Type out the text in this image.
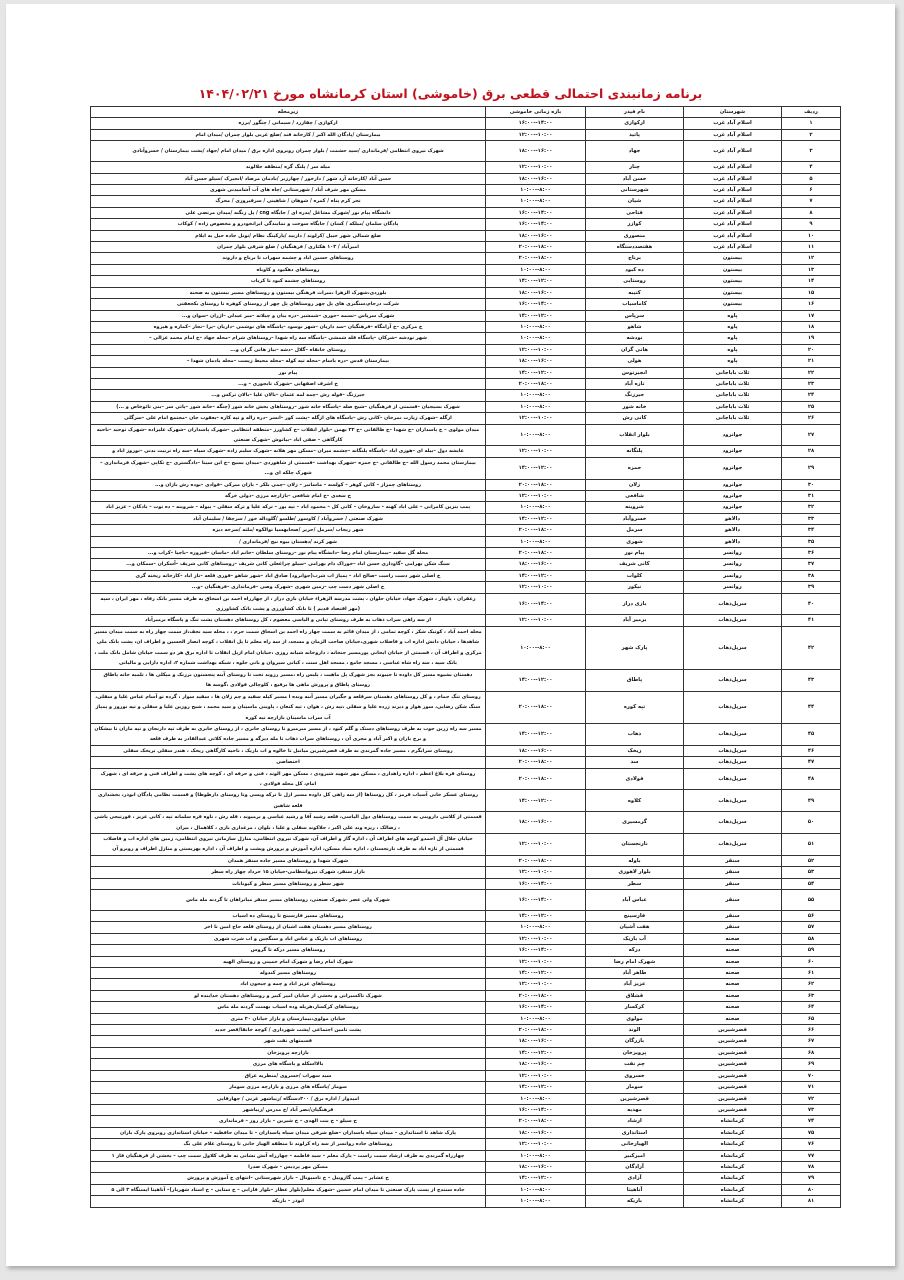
برنامه زمانبندی احتمالی قطعی برق (خاموشی) استان کرمانشاه مورخ ۱۴۰۴/۰۲/۲۱
ردیف	شهرستان	نام فیدر	بازه زمانی خاموشی	زیرمحله
۱	اسلام آباد غرب	ارکوازی	۱۴:۰۰--۱۶:۰۰	ارکوازی / چقازرد / سیمانی / چنگور /برزه
۲	اسلام آباد غرب	پاتید	۱۰:۰۰--۱۲:۰۰	بیمارستان /پادگان الله اکبر / کارخانه قند /ضلع غربی بلوار چمران /میدان امام
۳	اسلام آباد غرب	جهاد	۱۶:۰۰--۱۸:۰۰	شهرک نیروی انتظامی /فرمانداری /سید حشمت / بلوار چمران روبروی اداره برق / میدان امام /جهاد /پشت بیمارستان / خسروآبادی
۴	اسلام آباد غرب	چنار	۱۰:۰۰--۱۲:۰۰	میله سر / پلنگ گره /منطقه جلالوند
۵	اسلام آباد غرب	حسن آباد	۱۶:۰۰--۱۸:۰۰	حسن آباد /کارخانه آرد شهر / دارخور / چهارزبر /بادمان مرصاد /انجیرک /سیلو حسن آباد
۶	اسلام آباد غرب	شهرستانی	۸:۰۰--۱۰:۰۰	مسکن مهر شرف آباد / شهرستانی /چاه های آب آشامیدنی شهری
۷	اسلام آباد غرب	شیان	۸:۰۰--۱۰:۰۰	تخر کرم پناه / کمره / شوهان / شاهینی / سرفیروزی / مخرگ
۸	اسلام آباد غرب	فتاحی	۱۴:۰۰--۱۶:۰۰	دانشگاه پیام نور /شهرک مشاغل /بدره ای / جایگاه cng / پل زنگنه /میدان مرتضی علی
۹	اسلام آباد غرب	کوازر	۱۴:۰۰--۱۶:۰۰	پادگان سلمان /میلکه / کسان / جایگاه سوخت و نمایندگی ایرانخودرو و مخصوص زاده / کوکاب
۱۰	اسلام آباد غرب	منصوری	۱۶:۰۰--۱۸:۰۰	ضلع شمالی شهر حبیل /کرلوند / داربید /پارکینگ نظام /تونل جاده حبل به ایلام
۱۱	اسلام آباد غرب	هفتصددستگاه	۱۸:۰۰--۲۰:۰۰	امیرآباد / ۱۰۳ هکتاری / فرهنگیان / ضلع شرقی بلوار چمران
۱۲	بیستون	برناج	۱۸:۰۰--۲۰:۰۰	روستاهای حسین اباد و چشمه سهراب تا برناج و داروند
۱۳	بیستون	ده کبود	۸:۰۰--۱۰:۰۰	روستاهای دهکبود و کاوباه
۱۴	بیستون	روستایی	۱۲:۰۰--۱۴:۰۰	روستاهای چشمه کبود تا کرباب
۱۵	بیستون	کتیبه	۱۶:۰۰--۱۸:۰۰	بلوردی،شهرک الزهرا ،میراث فرهنگی بیستون و روستاهای مسیر بیستون به صحنه
۱۶	بیستون	کاماسیاب	۱۴:۰۰--۱۶:۰۰	شرکت درجام،سنگبری های پل چهر روستاهای پل چهر از روستای کوهره تا روستای بکجعفتی
۱۷	پاوه	سرپاس	۱۲:۰۰--۱۴:۰۰	شهرک سرپاس –نسمه –جوری –شمشیر –دره بیان و چیلانه –میر عبدلی –اژران –سوان و...
۱۸	پاوه	شاهو	۸:۰۰--۱۰:۰۰	خ مرکزی –خ آرامگاه –فرهنگیان –سد داریان –شهر نوسود –پاسگاه های نوشمی –داریان –یرا –نجار –کماره و هیروه
۱۹	پاوه	نودشه	۸:۰۰--۱۰:۰۰	شهر نودشه –شرکان –پاسگاه قله شمشی –پاسگاه سه راه شهدا –روستاهای شرام –محله جهاد –خ امام محمد غزالی –
۲۰	پاوه	هانی گران	۱۰:۰۰--۱۲:۰۰	روستای خانقاه –گلال –دشه –بیاز هانی گران و...
۲۱	پاوه	هولی	۱۶:۰۰--۱۸:۰۰	بیمارستان قدس –دره باسام –محله تپه کوله –محله محیط زیست –محله یادمان شهدا –
۲۲	ثلاث باباجانی	انجیرتوس	۱۲:۰۰--۱۴:۰۰	پیام نور
۲۳	ثلاث باباجانی	تازه آباد	۱۸:۰۰--۲۰:۰۰	خ اشرف اصفهانی –شهرک تابجوری – و...
۲۴	ثلاث باباجانی	جیرزنگ	۸:۰۰--۱۰:۰۰	جیرزنگ –قوله رش –چمه لمه عثمان –بالان علیا –بالان ترکس و...
۲۵	ثلاث باباجانی	خانه شور	۸:۰۰--۱۰:۰۰	شهرک بسیجیان –قسمتی از فرهنگیان –شیخ صله –پاسگاه خانه شور –روستاهای بخش خانه شور (چنگه –خانه شور –پاتی سر –بنی نائوخاص و ...)
۲۶	ثلاث باباجانی	کانی رش	۱۰:۰۰--۱۲:۰۰	ازگله –شهرک زیارت نمرخان –کانی رش –پاسگاه های ازگله –پشت کور –انسر –دره زاله و تپه کاره –یعقوب جان –مجتمع امام علی –سرگلی
۲۷	جوانرود	بلوار انقلاب	۸:۰۰--۱۰:۰۰	میدان مولوی – خ پاسداران –خ شهدا –خ طالقانی –خ ۲۲ بهمن –بلوار انقلاب –خ کشاورز –منطقه انتظامی –شهرک پاسداران –شهرک علیزاده –شهرک توحید –ناحیه کارگاهی – صفی اباد –بیاتوش –شهرک صنعتی
۲۸	جوانرود	پلنگانه	۱۰:۰۰--۱۲:۰۰	عایشه دول –بیله ای –هوری اباد –پاسگاه پلنگانه –چشمه میران –مسکن مهر هلانه –شهرک سلیم زاده –شهرک سپاه –سه راه تربیت بدنی –نوروز اباد و
۲۹	جوانرود	حمزه	۱۲:۰۰--۱۴:۰۰	بیمارستان محمد رسول الله –خ طالقانی –خ حمزه –شهرک بهداشت –قسمتی از شاهوردی –میدان بسیج –خ ابن سینا –دادگستری –خ تکاپی –شهرک فرمانداری –شهرک چلکه ای و...
۳۰	جوانرود	زلان	۱۸:۰۰--۲۰:۰۰	روستاهای چمزاز – کانی کوهر – کولسه – ماسانیر – زلان –چمی بلکر – بازان میرکی –قوادی –بوده رش بازان و...
۳۱	جوانرود	شافعی	۱۰:۰۰--۱۲:۰۰	خ سعدی –خ امام شافعی –بازارچه مرزی –دولی خرگه
۳۲	جوانرود	شروینه	۸:۰۰--۱۰:۰۰	پمپ بنزین کامرانی – علی اباد کهنه – ساروخان – کانی کل – محمود اباد – تپه یور – ترکه علیا و ترکه سفلی – بیوله – شروینه – ده توت – بادکان – عزیز اباد
۳۳	دالاهو	خسروآباد	۱۲:۰۰--۱۴:۰۰	شهرک صنعتی / خسروآباد / کاوسور /طلسو /گلوداله خور / سرچقا / سلیمان آباد
۳۴	دالاهو	سرمل	۱۸:۰۰--۲۰:۰۰	شهر ریجاب /سرمل /حریر /صحابهسیا توالکوه /ملته /سرخه دیزه
۳۵	دالاهو	شهری	۸:۰۰--۱۰:۰۰	شهر کرند /دهستان بیوه نیج /فرمانداری /
۳۶	روانسر	پیام نور	۱۸:۰۰--۲۰:۰۰	محله گل سفید –بیمارستان امام رضا –دانشگاه پیام نور –روستای سلطان –خانم اباد –ماسان –فیروزه –باجیا –کراب و...
۳۷	روانسر	کانی شریف	۱۶:۰۰--۱۸:۰۰	سنگ شکن بهرامی –گاوداری حسن اباد –خوراک دام بهرامی –سیلو چراغعلی کانی شریف –روستاهای کانی شریف –آسکران –سمکان و...
۳۸	روانسر	کلوات	۱۲:۰۰--۱۴:۰۰	خ اصلی شهر دست راست –صالح اباد – پمپاژ اب شرب(جوانرود) صادق اباد –شهر شاهو –قوری قلعه –ناز اباد –کارخانه ریخته گری
۳۹	روانسر	نیکور	۱۰:۰۰--۱۲:۰۰	خ اصلی شهر دست چپ –زمین شهری –شهرک وصی –فرمانداری –فرهنگیان –و...
۴۰	سرپل‌ذهاب	بازی دراز	۱۴:۰۰--۱۶:۰۰	زعفران ، پاوبار ، شهرک جهاد، خیابان حلوان ، پشت مدرسه الزهراء خیابان بازی دراز ، از چهارراه احمد بن اسحاق به طرف مسیر بانک رفاه ، مهر ایران ، سپه (مهر اقتصاد قدیم ) تا بانک کشاورزی و پشت بانک کشاورزی
۴۱	سرپل‌ذهاب	برمیر آباد	۱۰:۰۰--۱۲:۰۰	از سه راهی سراب ذهاب به طرف روستای تپانی و الیاسی معصوم ، کل روستاهای دهستان پشت تنگ و پاسگاه برمیرآباد
۴۲	سرپل‌ذهاب	پارک شهر	۸:۰۰--۱۰:۰۰	محله احمد آباد ، کوتیک شکر ، کوچه تمامی ، از میدان قائم به سمت چهار راه احمد بن اسحاق سمت حرم ، ، محله سید نجف،از سمت چهار راه به سمت میدان مسیر شاهدها ، خیابان دانش اداره اب و فاضلاب شهری،خیابان صاحب الزمان و مسجد، از سه راه معلم تا پل انقلاب ، کوچه انصار الحسین و اطراف ان، پشت بانک ملی مرکزی و اطراف آن ، قسمتی از خیابان ایخانی پورمسیر جنخانه ، داروخانه شبانه روزی ،خیابان امام ازپل انقلاب تا اداره برق هر دو سمت خیابان شامل بانک ملت ، بانک سپه ، سه راه شاه عباسی ، مسجد جامع ، مسجد اهل سنت ، کبانی سیروان و بانی جلوه ، شبکه بهداشت شماره ۲، اداره دارایی و مالیاتی
۴۳	سرپل‌ذهاب	پاطاق	۱۲:۰۰--۱۴:۰۰	دهستان بشیوه مسیر کل داوده تا جیبوند بجز شهرک پل ماهیت ، پلیس راه ،مسیر رزوند تخت تا روستای آبنه پنجستون برزنک و میکلی ها ، تلمبه خانه پاطاق روستای پاطاق و پرورش ماهی ها برفیع ، کلوچالی فولادی ،گوسه ها
۴۴	سرپل‌ذهاب	تپه کوره	۱۸:۰۰--۲۰:۰۰	روستای تنگ حمام ، و کل روستاهای دهستان سرقلعه و جگیران مسیر آبنه ونده ا مسیر کیله سفید و چم زلان ها ، سفید سوار ، گرده تو آسام عباس علیا و سفلی، سنگ شکن رضایی، سور هوار و دیرند زرده علیا و سفلی ،تپه رش ، هوان ، تپه کنعان ، پاوینی ماسینان و سید محمد ، شیخ روزین علیا و سفلی و تپه نوروز و پمپاژ آب سراب ماسینان بازارچه تپه کوره
۴۵	سرپل‌ذهاب	ذهاب	۱۲:۰۰--۱۴:۰۰	مسیر سه راه زرین جوب به طرف روستاهای دستک و گلم کبود ، از مسیر میرمیرو تا روستای جابری ، از روستای جابری به طرف تپه دارنجان و تپه ماران تا بیشکان و برج باران و اکبر آباد و مجری آن ، روستاهای سراب ذهاب تا مله دیزگه و مسیر جاده کلاتی عبدالقادر به طرف قلعه
۴۶	سرپل‌ذهاب	ریخک	۱۶:۰۰--۱۸:۰۰	روستای سرابگرم ، مسیر جاده گمرندی به طرف قصرشیرین میانبل تا خالوه و اب باریک ، ناحیه کارگاهی ریخک ، هندر سفلی بریخک سفلی
۴۷	سرپل‌ذهاب	سد	۱۸:۰۰--۲۰:۰۰	اختصاصی
۴۸	سرپل‌ذهاب	فولادی	۱۸:۰۰--۲۰:۰۰	روستای قره بلاغ اعظم ، اداره راهداری ، مسکن مهر شهید شیرودی ، مسکن مهر الوند ، فنی و حرفه ای ، کوچه های پشت و اطراف فنی و حرفه ای ، شهرک امام، کل محله فولادی ،
۴۹	سرپل‌ذهاب	کلاوه	۱۲:۰۰--۱۴:۰۰	روستای عسکر خانی آسیاب قرمز ، کل روستاها (از سه راهی کل داوده مسیر ازل تا ترکه ویسی وتا روستای دارطوطا) و قسمت نظامی پادگان ابوذر، بخشداری قلعه شاهین
۵۰	سرپل‌ذهاب	گرمسیری	۱۶:۰۰--۱۸:۰۰	قسمتی از کلانتی داروینی به سمت روستاهای دول الیاسی، قلعه رشید آقا و رشید عباسی و برمیوند ، قله رش ، ناوه قره سلمانه تپه ، کانی عزیز ، قورتیجی پاشی ، رضالک ، ریزه وند علی اکبر ، جلاکوند سفلی و علیا ، بلوان ، مرغداری باری ، کلاهمال ، بیران
۵۱	سرپل‌ذهاب	نارنجستان	۱۰:۰۰--۱۲:۰۰	خیابان جلال آل احمدو کوچه های اطراف آن ، اداره گاز و اطراف آن، شهرک نیروی انتظامی، منازل سازمانی نیروی انتظامی، زمین های اداره اب و فاضلاب قسمتی از تازه اباد به طرف نارنجستان ، اداره بنیاد مسکن، اداره آموزش و پرورش وپشت و اطراف آن ، اداره بهزیستی و منازل اطراف و روبرو آن
۵۲	سنقر	باوله	۱۸:۰۰--۲۰:۰۰	شهرک شهدا و روستاهای مسیر جاده سنقر همدان
۵۳	سنقر	بلوار لاهوری	۱۰:۰۰--۱۲:۰۰	بازار سنقر، شهرک نیروانتظامی-خیابان ۱۵ خرداد چهار راه سطر
۵۴	سنقر	سطر	۱۴:۰۰--۱۶:۰۰	شهر سطر و روستاهای مسیر سطر و کیونانات
۵۵	سنقر	عباس آباد	۱۴:۰۰--۱۶:۰۰	شهرک ولی عصر ،شهرک صنعتی، روستاهای مسیر سنقر میانراهان تا گردنه مله ماس
۵۶	سنقر	فارسینج	۱۲:۰۰--۱۴:۰۰	روستاهای مسیر فارسینج تا روستای ده اسیاب
۵۷	سنقر	هفت آشیان	۸:۰۰--۱۰:۰۰	روستاهای مسیر دهستان هفت اشیان از روستای قلعه حاج امین تا اخر
۵۸	صحنه	آب باریک	۱۰:۰۰--۱۲:۰۰	روستاهای اب باریک و عباس اباد و سنگچین و اب شرب شهری
۵۹	صحنه	درکه	۱۴:۰۰--۱۶:۰۰	روستاهای مسیر درکه تا گروس
۶۰	صحنه	شهرک امام رضا	۱۰:۰۰--۱۲:۰۰	شهرک امام رضا و شهرک امام خمینی و روستای الهیه
۶۱	صحنه	طاهر آباد	۱۲:۰۰--۱۴:۰۰	روستاهای مسیر کندوله
۶۲	صحنه	عزیز آباد	۱۰:۰۰--۱۲:۰۰	روستاهای عزیز اباد و چمه و جیحون اباد
۶۳	صحنه	قشلاق	۱۸:۰۰--۲۰:۰۰	شهرک تاکسیرانی و بخشی از خیابان امیر کبیر و روستاهای دهستان خدابنده لو
۶۴	صحنه	کرکسار	۱۴:۰۰--۱۶:۰۰	روستاهای کرکسار،هریله وده اسیاب بهست گردنه مله ماس
۶۵	صحنه	مولوی	۸:۰۰--۱۰:۰۰	خیابان مولوی،بیمارستان و بازار خیابان ۴۰ متری
۶۶	قصرشیرین	الوند	۱۸:۰۰--۲۰:۰۰	پشت تامین اجتماعی /پشت شهرداری / کوچه خانقا/قصر جدید
۶۷	قصرشیرین	بازرگان	۱۶:۰۰--۱۸:۰۰	قسمتهای نفت شهر
۶۸	قصرشیرین	پرویزخان	۱۲:۰۰--۱۴:۰۰	بازارچه پرویزخان
۶۹	قصرشیرین	چم نفت	۱۶:۰۰--۱۸:۰۰	بالااسکله و پاسگاه های مرزی
۷۰	قصرشیرین	خسروی	۱۰:۰۰--۱۲:۰۰	سید سهراب /خسروی /منطریه عراق
۷۱	قصرشیرین	سومار	۱۲:۰۰--۱۴:۰۰	سومار /پاسگاه های مرزی و بازارچه مرزی سومار
۷۲	قصرشیرین	قصرشیرین	۸:۰۰--۱۰:۰۰	امیدوار / اداره برق / ۴۰۰دستگاه /زیباشهر غربی / چهارقاپی
۷۳	قصرشیرین	مهدیه	۱۴:۰۰--۱۶:۰۰	فرهنگیان/نصر آباد /خ مدرس /زیباشهر
۷۴	کرمانشاه	ارشاد	۱۸:۰۰--۲۰:۰۰	خ سیلو – خ بنت الهدی – خ شیرین – بازار روز – فرمانداری
۷۵	کرمانشاه	استانداری	۱۶:۰۰--۱۸:۰۰	پارک شاهد تا استانداری – میدان سپاه پاسداران –ضلع شرقی میدان سپاه پاسداران – تا میدان حافظیه – خیابان استانداری روبروی پارک باران
۷۶	کرمانشاه	الهیارخانی	۱۰:۰۰--۱۲:۰۰	روستاهای جاده روانسر از سه راه کرلوند تا منطقه الهیار خانی تا روستای غلام علی بگ
۷۷	کرمانشاه	امیرکبیر	۸:۰۰--۱۰:۰۰	چهارراه گمرندی به طرف ارشاد سمت راست – پارک معلم – سید فاطمه – چهارراه آتش نشانی به طرف کلاول سمت چپ – بخشی از فرهنگیان فاز ۱
۷۸	کرمانشاه	آزادگان	۱۶:۰۰--۱۸:۰۰	مسکن مهر پردیس – شهرک صدرا
۷۹	کرمانشاه	آزادی	۱۲:۰۰--۱۴:۰۰	خ عشایر – پمپ گازوییل – خ تاسیونال – بازار شهرستانی –انتهای خ آموزش و پرورش
۸۰	کرمانشاه	آناهیتا	۸:۰۰--۱۰:۰۰	جاده سنندج از پست پارک صنعتی تا میدان امام حسین –شهرک معلم(بلوار عطار –بلوار فارابی – خ ستایی – خ استاد شهریار)– آناهیتا ایستگاه ۳ الی ۵
۸۱	کرمانشاه	باریکه	۸:۰۰--۱۰:۰۰	ابوذر – باریکه
